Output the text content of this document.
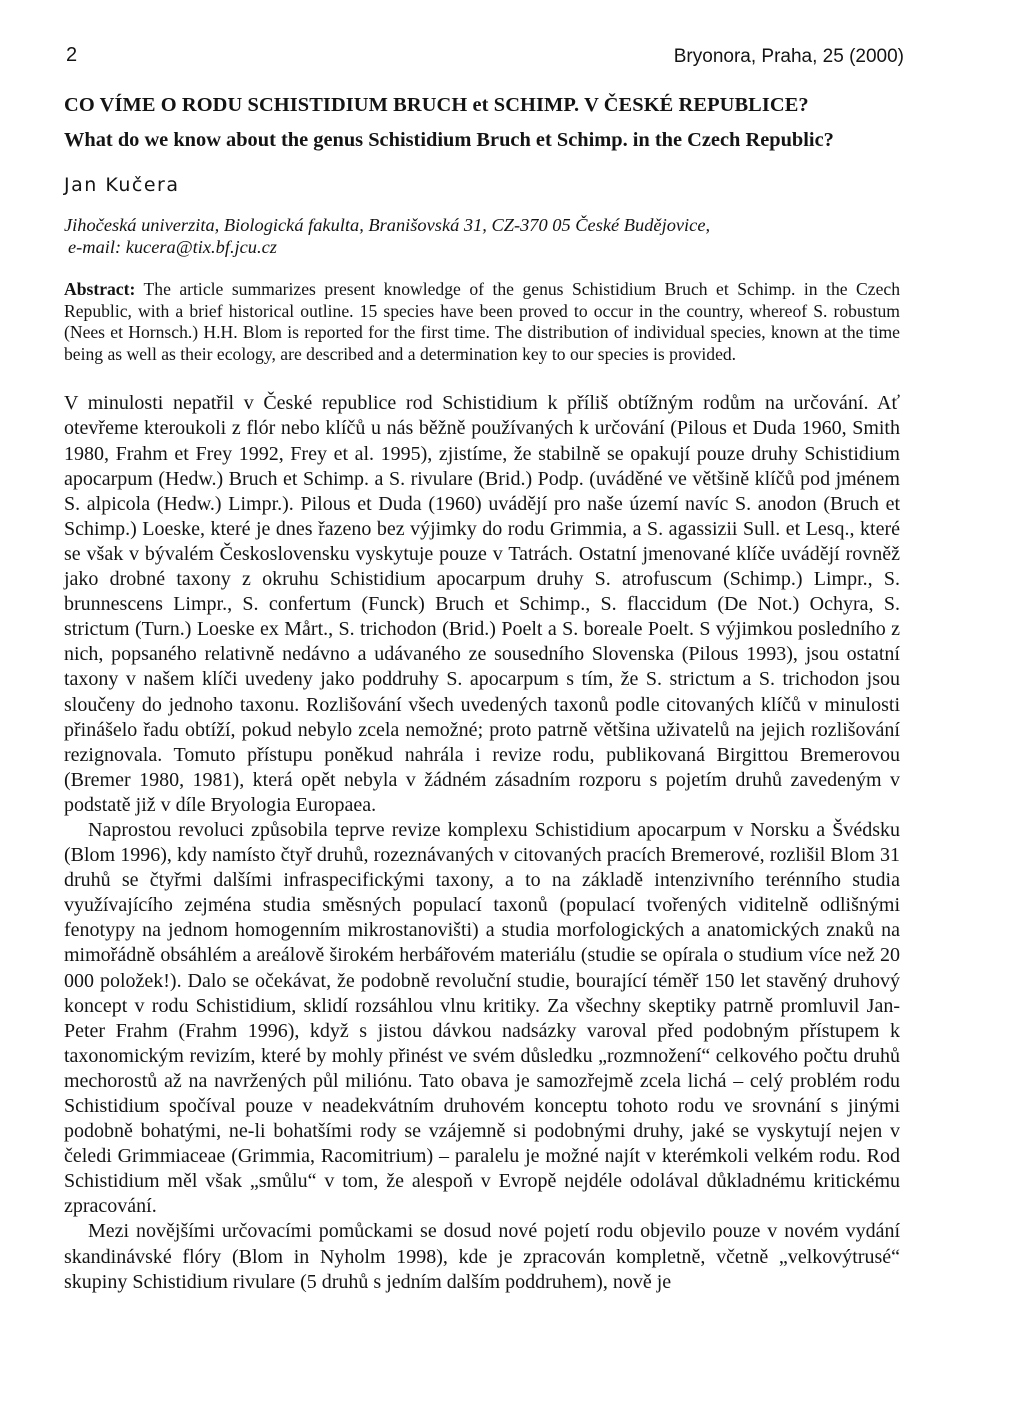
2	Bryonora, Praha, 25 (2000)
CO VÍME O RODU SCHISTIDIUM BRUCH et SCHIMP. V ČESKÉ REPUBLICE?
What do we know about the genus Schistidium Bruch et Schimp. in the Czech Republic?
Jan Kučera
Jihočeská univerzita, Biologická fakulta, Branišovská 31, CZ-370 05 České Budějovice,
e-mail: kucera@tix.bf.jcu.cz
Abstract: The article summarizes present knowledge of the genus Schistidium Bruch et Schimp. in the Czech Republic, with a brief historical outline. 15 species have been proved to occur in the country, whereof S. robustum (Nees et Hornsch.) H.H. Blom is reported for the first time. The distribution of individual species, known at the time being as well as their ecology, are described and a determination key to our species is provided.

V minulosti nepatřil v České republice rod Schistidium k příliš obtížným rodům na určování. Ať otevřeme kteroukoli z flór nebo klíčů u nás běžně používaných k určování (Pilous et Duda 1960, Smith 1980, Frahm et Frey 1992, Frey et al. 1995), zjistíme, že stabilně se opakují pouze druhy Schistidium apocarpum (Hedw.) Bruch et Schimp. a S. rivulare (Brid.) Podp. (uváděné ve většině klíčů pod jménem S. alpicola (Hedw.) Limpr.). Pilous et Duda (1960) uvádějí pro naše území navíc S. anodon (Bruch et Schimp.) Loeske, které je dnes řazeno bez výjimky do rodu Grimmia, a S. agassizii Sull. et Lesq., které se však v bývalém Československu vyskytuje pouze v Tatrách. Ostatní jmenované klíče uvádějí rovněž jako drobné taxony z okruhu Schistidium apocarpum druhy S. atrofuscum (Schimp.) Limpr., S. brunnescens Limpr., S. confertum (Funck) Bruch et Schimp., S. flaccidum (De Not.) Ochyra, S. strictum (Turn.) Loeske ex Mårt., S. trichodon (Brid.) Poelt a S. boreale Poelt. S výjimkou posledního z nich, popsaného relativně nedávno a udávaného ze sousedního Slovenska (Pilous 1993), jsou ostatní taxony v našem klíči uvedeny jako poddruhy S. apocarpum s tím, že S. strictum a S. trichodon jsou sloučeny do jednoho taxonu. Rozlišování všech uvedených taxonů podle citovaných klíčů v minulosti přinášelo řadu obtíží, pokud nebylo zcela nemožné; proto patrně většina uživatelů na jejich rozlišování rezignovala. Tomuto přístupu poněkud nahrála i revize rodu, publikovaná Birgittou Bremerovou (Bremer 1980, 1981), která opět nebyla v žádném zásadním rozporu s pojetím druhů zavedeným v podstatě již v díle Bryologia Europaea.

Naprostou revoluci způsobila teprve revize komplexu Schistidium apocarpum v Norsku a Švédsku (Blom 1996), kdy namísto čtyř druhů, rozeznávaných v citovaných pracích Bremerové, rozlišil Blom 31 druhů se čtyřmi dalšími infraspecifickými taxony, a to na základě intenzivního terénního studia využívajícího zejména studia směsných populací taxonů (populací tvořených viditelně odlišnými fenotypy na jednom homogenním mikrostanovišti) a studia morfologických a anatomických znaků na mimořádně obsáhlém a areálově širokém herbářovém materiálu (studie se opírala o studium více než 20 000 položek!). Dalo se očekávat, že podobně revoluční studie, bourající téměř 150 let stavěný druhový koncept v rodu Schistidium, sklidí rozsáhlou vlnu kritiky. Za všechny skeptiky patrně promluvil Jan-Peter Frahm (Frahm 1996), když s jistou dávkou nadsázky varoval před podobným přístupem k taxonomickým revizím, které by mohly přinést ve svém důsledku „rozmnožení“ celkového počtu druhů mechorostů až na navržených půl miliónu. Tato obava je samozřejmě zcela lichá – celý problém rodu Schistidium spočíval pouze v neadekvátním druhovém konceptu tohoto rodu ve srovnání s jinými podobně bohatými, ne-li bohatšími rody se vzájemně si podobnými druhy, jaké se vyskytují nejen v čeledi Grimmiaceae (Grimmia, Racomitrium) – paralelu je možné najít v kterémkoli velkém rodu. Rod Schistidium měl však „smůlu“ v tom, že alespoň v Evropě nejdéle odolával důkladnému kritickému zpracování.

Mezi novějšími určovacími pomůckami se dosud nové pojetí rodu objevilo pouze v novém vydání skandinávské flóry (Blom in Nyholm 1998), kde je zpracován kompletně, včetně „velkovýtrusé“ skupiny Schistidium rivulare (5 druhů s jedním dalším poddruhem), nově je
